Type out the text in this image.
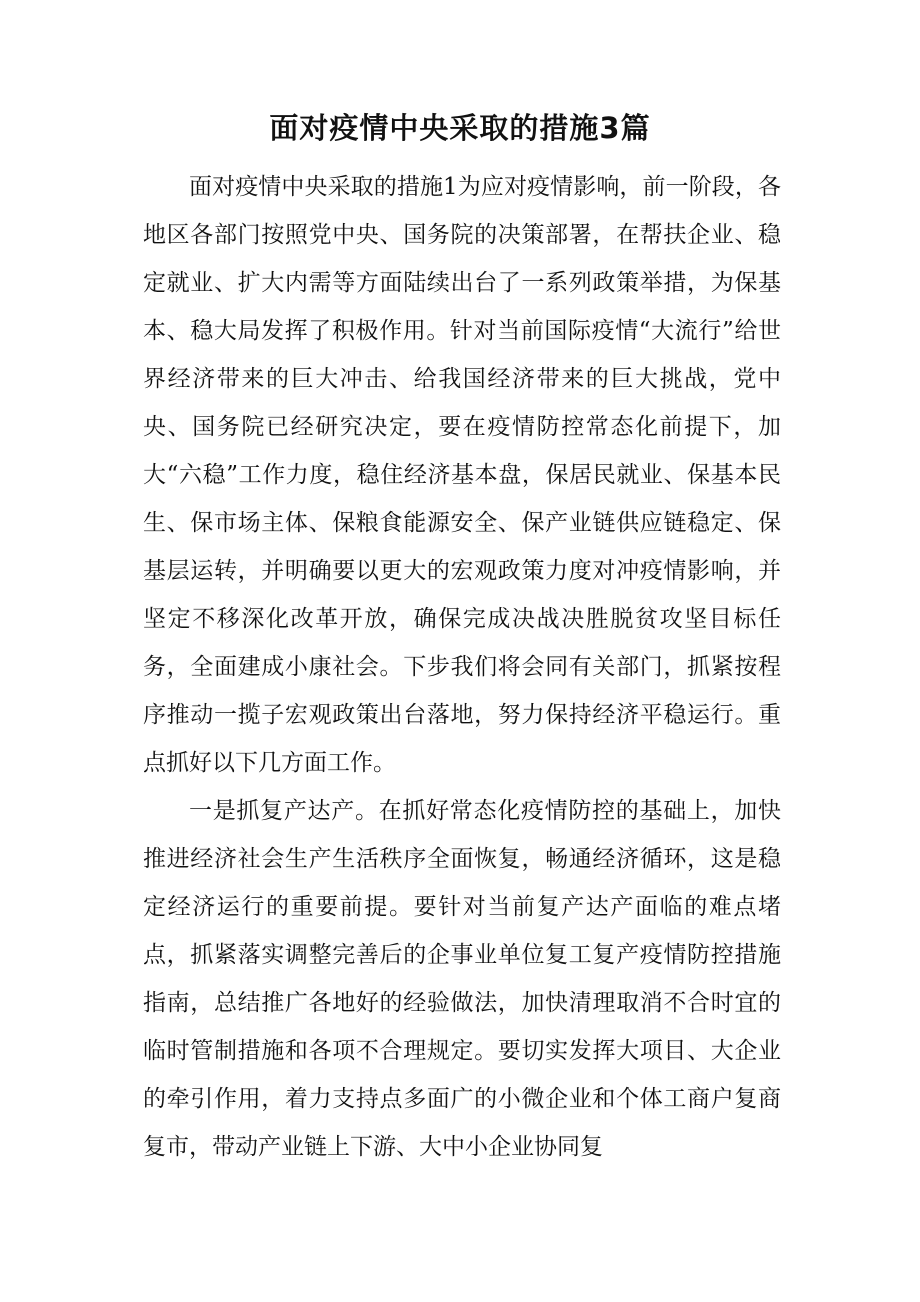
面对疫情中央采取的措施3篇

面对疫情中央采取的措施1为应对疫情影响，前一阶段，各地区各部门按照党中央、国务院的决策部署，在帮扶企业、稳定就业、扩大内需等方面陆续出台了一系列政策举措，为保基本、稳大局发挥了积极作用。针对当前国际疫情“大流行”给世界经济带来的巨大冲击、给我国经济带来的巨大挑战，党中央、国务院已经研究决定，要在疫情防控常态化前提下，加大“六稳”工作力度，稳住经济基本盘，保居民就业、保基本民生、保市场主体、保粮食能源安全、保产业链供应链稳定、保基层运转，并明确要以更大的宏观政策力度对冲疫情影响，并坚定不移深化改革开放，确保完成决战决胜脱贫攻坚目标任务，全面建成小康社会。下步我们将会同有关部门，抓紧按程序推动一揽子宏观政策出台落地，努力保持经济平稳运行。重点抓好以下几方面工作。

一是抓复产达产。在抓好常态化疫情防控的基础上，加快推进经济社会生产生活秩序全面恢复，畅通经济循环，这是稳定经济运行的重要前提。要针对当前复产达产面临的难点堵点，抓紧落实调整完善后的企事业单位复工复产疫情防控措施指南，总结推广各地好的经验做法，加快清理取消不合时宜的临时管制措施和各项不合理规定。要切实发挥大项目、大企业的牵引作用，着力支持点多面广的小微企业和个体工商户复商复市，带动产业链上下游、大中小企业协同复
